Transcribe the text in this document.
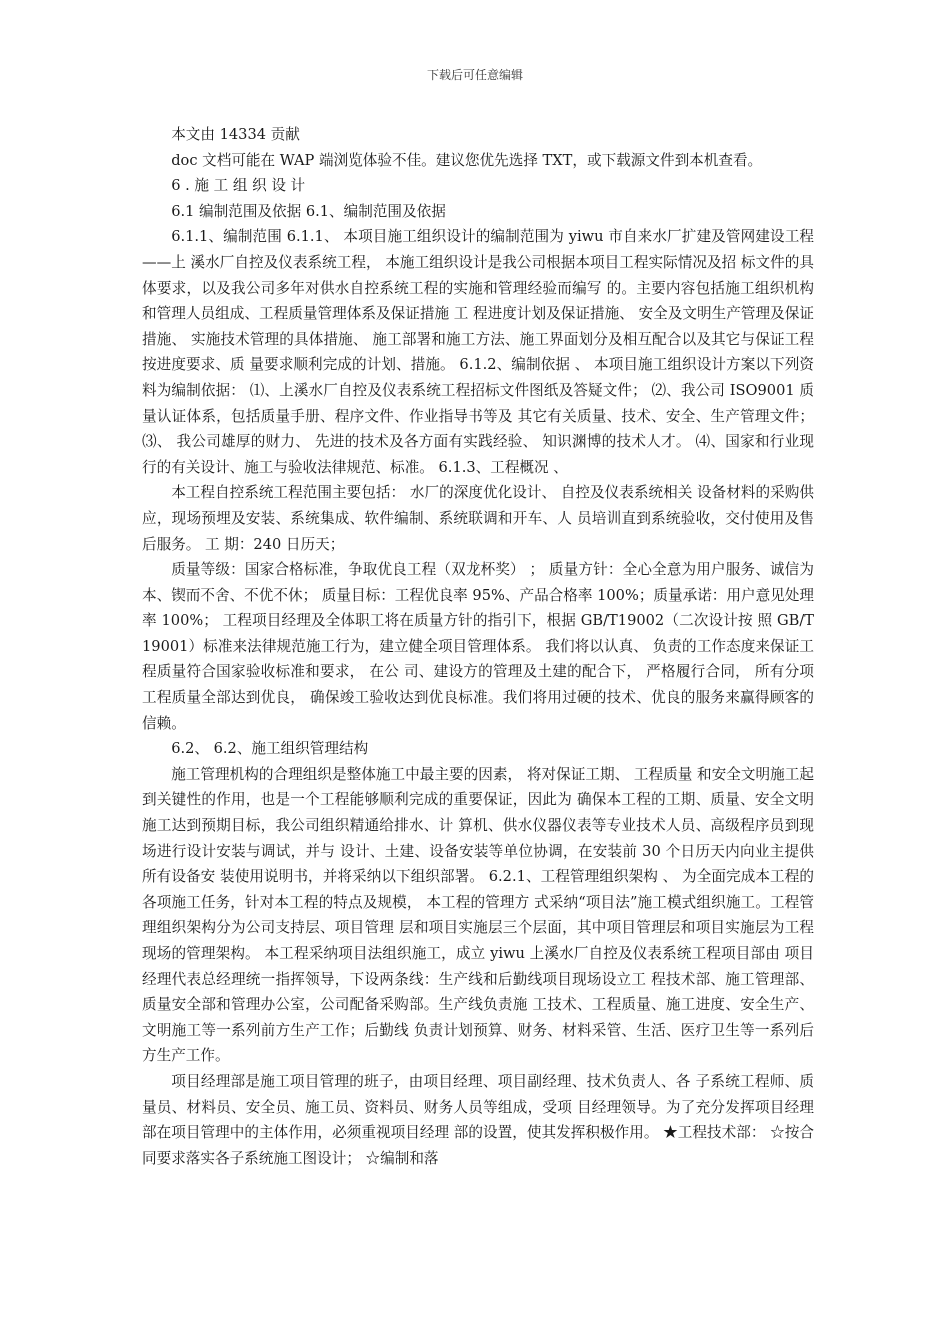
下载后可任意编辑

本文由 14334 贡献

doc 文档可能在 WAP 端浏览体验不佳。建议您优先选择 TXT，或下载源文件到本机查看。

6 . 施 工 组 织 设 计

6.1 编制范围及依据 6.1、编制范围及依据

6.1.1、编制范围 6.1.1、 本项目施工组织设计的编制范围为 yiwu 市自来水厂扩建及管网建设工程——上 溪水厂自控及仪表系统工程， 本施工组织设计是我公司根据本项目工程实际情况及招 标文件的具体要求，以及我公司多年对供水自控系统工程的实施和管理经验而编写 的。主要内容包括施工组织机构和管理人员组成、工程质量管理体系及保证措施 工 程进度计划及保证措施、 安全及文明生产管理及保证措施、 实施技术管理的具体措施、 施工部署和施工方法、施工界面划分及相互配合以及其它与保证工程按进度要求、质 量要求顺利完成的计划、措施。 6.1.2、编制依据 、 本项目施工组织设计方案以下列资料为编制依据： ⑴、上溪水厂自控及仪表系统工程招标文件图纸及答疑文件； ⑵、我公司 ISO9001 质量认证体系，包括质量手册、程序文件、作业指导书等及 其它有关质量、技术、安全、生产管理文件； ⑶、 我公司雄厚的财力、 先进的技术及各方面有实践经验、 知识渊博的技术人才。 ⑷、国家和行业现行的有关设计、施工与验收法律规范、标准。 6.1.3、工程概况 、

本工程自控系统工程范围主要包括： 水厂的深度优化设计、 自控及仪表系统相关 设备材料的采购供应，现场预埋及安装、系统集成、软件编制、系统联调和开车、人 员培训直到系统验收，交付使用及售后服务。 工 期：240 日历天；

质量等级：国家合格标准，争取优良工程（双龙杯奖） ； 质量方针：全心全意为用户服务、诚信为本、锲而不舍、不优不休； 质量目标：工程优良率 95%、产品合格率 100%；质量承诺：用户意见处理率 100%； 工程项目经理及全体职工将在质量方针的指引下，根据 GB/T19002（二次设计按 照 GB/T19001）标准来法律规范施工行为，建立健全项目管理体系。 我们将以认真、 负责的工作态度来保证工程质量符合国家验收标准和要求， 在公 司、建设方的管理及土建的配合下， 严格履行合同， 所有分项工程质量全部达到优良， 确保竣工验收达到优良标准。我们将用过硬的技术、优良的服务来赢得顾客的信赖。

6.2、 6.2、施工组织管理结构

施工管理机构的合理组织是整体施工中最主要的因素， 将对保证工期、 工程质量 和安全文明施工起到关键性的作用，也是一个工程能够顺利完成的重要保证，因此为 确保本工程的工期、质量、安全文明施工达到预期目标，我公司组织精通给排水、计 算机、供水仪器仪表等专业技术人员、高级程序员到现场进行设计安装与调试，并与 设计、土建、设备安装等单位协调，在安装前 30 个日历天内向业主提供所有设备安 装使用说明书，并将采纳以下组织部署。 6.2.1、工程管理组织架构 、 为全面完成本工程的各项施工任务，针对本工程的特点及规模， 本工程的管理方 式采纳“项目法”施工模式组织施工。工程管理组织架构分为公司支持层、项目管理 层和项目实施层三个层面，其中项目管理层和项目实施层为工程现场的管理架构。 本工程采纳项目法组织施工，成立 yiwu 上溪水厂自控及仪表系统工程项目部由 项目经理代表总经理统一指挥领导，下设两条线：生产线和后勤线项目现场设立工 程技术部、施工管理部、质量安全部和管理办公室，公司配备采购部。生产线负责施 工技术、工程质量、施工进度、安全生产、文明施工等一系列前方生产工作；后勤线 负责计划预算、财务、材料采管、生活、医疗卫生等一系列后方生产工作。

项目经理部是施工项目管理的班子，由项目经理、项目副经理、技术负责人、各 子系统工程师、质量员、材料员、安全员、施工员、资料员、财务人员等组成，受项 目经理领导。为了充分发挥项目经理部在项目管理中的主体作用，必须重视项目经理 部的设置，使其发挥积极作用。 ★工程技术部： ☆按合同要求落实各子系统施工图设计； ☆编制和落
